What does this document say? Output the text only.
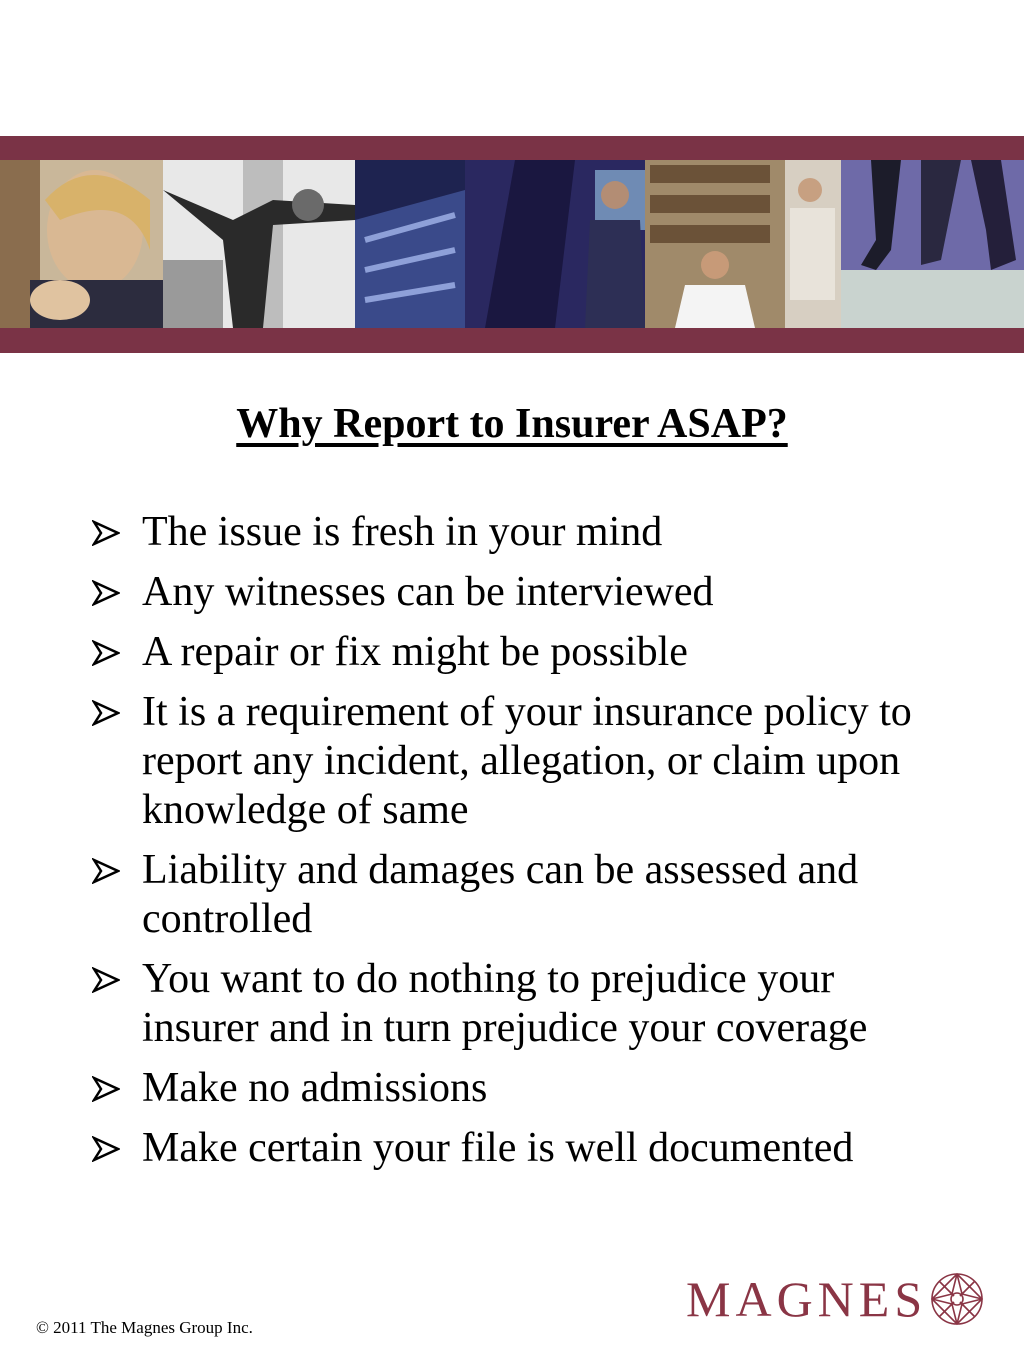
Why Report to Insurer ASAP?
The issue is fresh in your mind
Any witnesses can be interviewed
A repair or fix might be possible
It is a requirement of your insurance policy to report any incident, allegation, or claim upon knowledge of same
Liability and damages can be assessed and controlled
You want to do nothing to prejudice your insurer and in turn prejudice your coverage
Make no admissions
Make certain your file is well documented
© 2011 The Magnes Group Inc.
MAGNES
